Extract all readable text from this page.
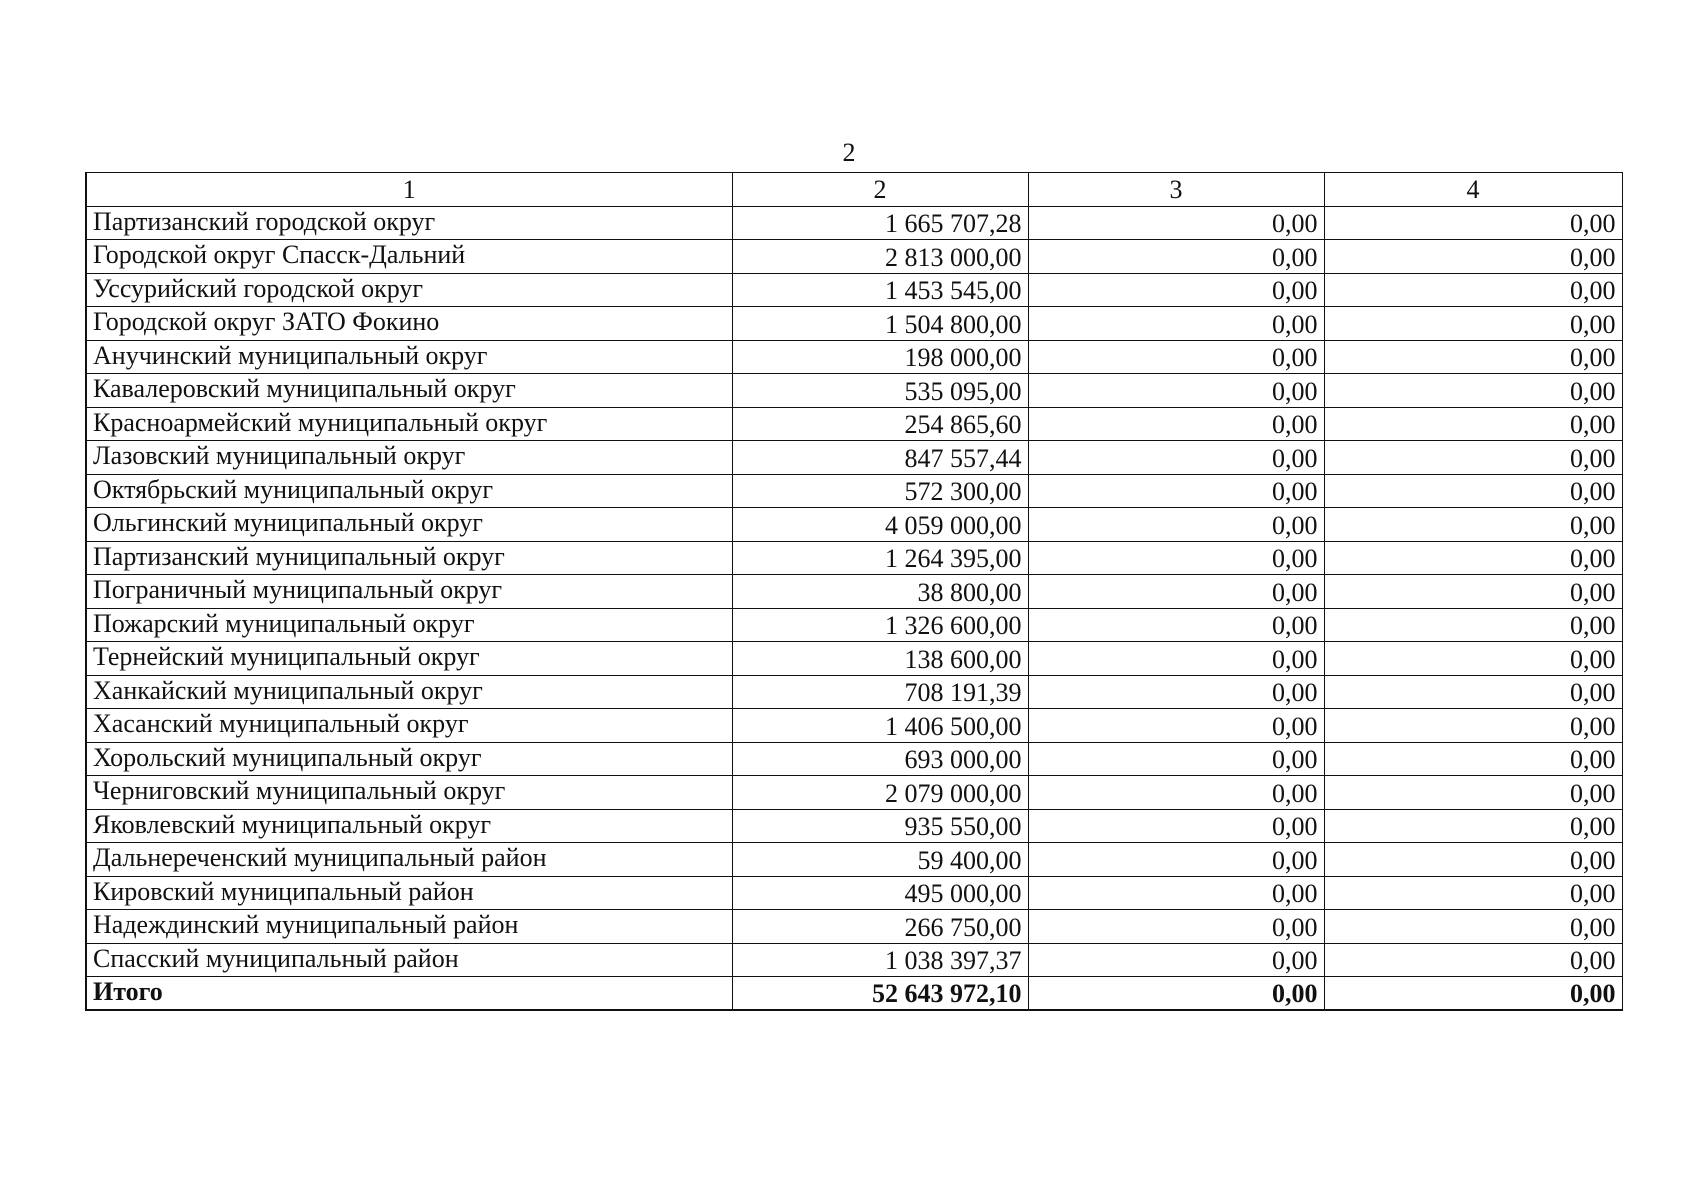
2
1	2	3	4
Партизанский городской округ	1 665 707,28	0,00	0,00
Городской округ Спасск-Дальний	2 813 000,00	0,00	0,00
Уссурийский городской округ	1 453 545,00	0,00	0,00
Городской округ ЗАТО Фокино	1 504 800,00	0,00	0,00
Анучинский муниципальный округ	198 000,00	0,00	0,00
Кавалеровский муниципальный округ	535 095,00	0,00	0,00
Красноармейский муниципальный округ	254 865,60	0,00	0,00
Лазовский муниципальный округ	847 557,44	0,00	0,00
Октябрьский муниципальный округ	572 300,00	0,00	0,00
Ольгинский муниципальный округ	4 059 000,00	0,00	0,00
Партизанский муниципальный округ	1 264 395,00	0,00	0,00
Пограничный муниципальный округ	38 800,00	0,00	0,00
Пожарский муниципальный округ	1 326 600,00	0,00	0,00
Тернейский муниципальный округ	138 600,00	0,00	0,00
Ханкайский муниципальный округ	708 191,39	0,00	0,00
Хасанский муниципальный округ	1 406 500,00	0,00	0,00
Хорольский муниципальный округ	693 000,00	0,00	0,00
Черниговский муниципальный округ	2 079 000,00	0,00	0,00
Яковлевский муниципальный округ	935 550,00	0,00	0,00
Дальнереченский муниципальный район	59 400,00	0,00	0,00
Кировский муниципальный район	495 000,00	0,00	0,00
Надеждинский муниципальный район	266 750,00	0,00	0,00
Спасский муниципальный район	1 038 397,37	0,00	0,00
Итого	52 643 972,10	0,00	0,00
